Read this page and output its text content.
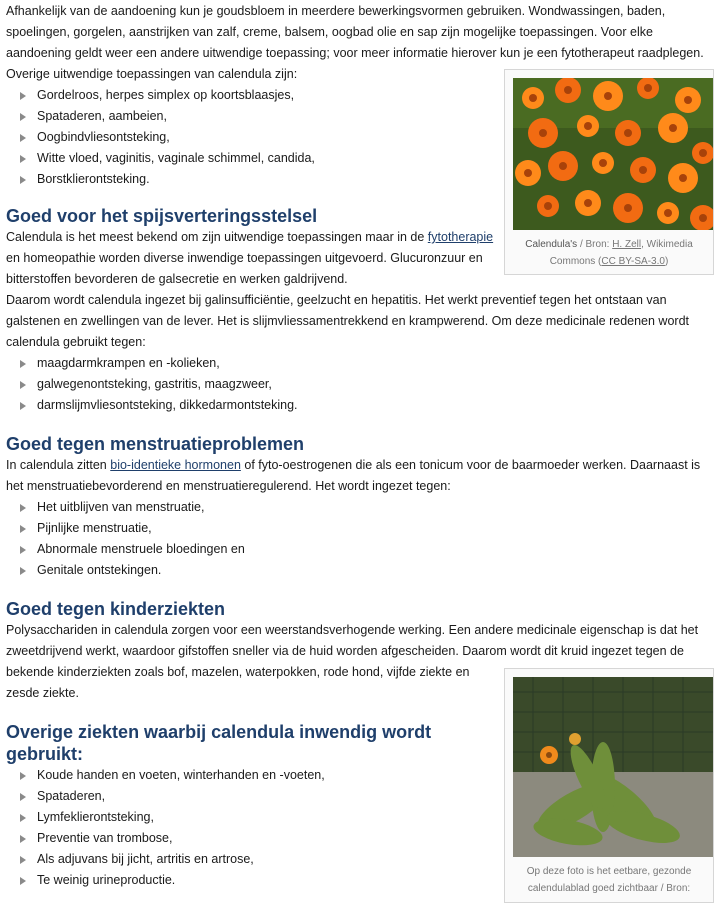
Afhankelijk van de aandoening kun je goudsbloem in meerdere bewerkingsvormen gebruiken. Wondwassingen, baden, spoelingen, gorgelen, aanstrijken van zalf, creme, balsem, oogbad olie en sap zijn mogelijke toepassingen. Voor elke aandoening geldt weer een andere uitwendige toepassing; voor meer informatie hierover kun je een fytotherapeut raadplegen.

Calendula's / Bron: H. Zell, Wikimedia Commons (CC BY-SA-3.0)

Overige uitwendige toepassingen van calendula zijn:

Gordelroos, herpes simplex op koortsblaasjes,
Spataderen, aambeien,
Oogbindvliesontsteking,
Witte vloed, vaginitis, vaginale schimmel, candida,
Borstklierontsteking.
Goed voor het spijsverteringsstelsel

Calendula is het meest bekend om zijn uitwendige toepassingen maar in de fytotherapie en homeopathie worden diverse inwendige toepassingen uitgevoerd. Glucuronzuur en bitterstoffen bevorderen de galsecretie en werken galdrijvend.

Daarom wordt calendula ingezet bij galinsufficiëntie, geelzucht en hepatitis. Het werkt preventief tegen het ontstaan van galstenen en zwellingen van de lever. Het is slijmvliessamentrekkend en krampwerend. Om deze medicinale redenen wordt calendula gebruikt tegen:

maagdarmkrampen en -kolieken,
galwegenontsteking, gastritis, maagzweer,
darmslijmvliesontsteking, dikkedarmontsteking.
Goed tegen menstruatieproblemen

In calendula zitten bio-identieke hormonen of fyto-oestrogenen die als een tonicum voor de baarmoeder werken. Daarnaast is het menstruatiebevorderend en menstruatieregulerend. Het wordt ingezet tegen:

Het uitblijven van menstruatie,
Pijnlijke menstruatie,
Abnormale menstruele bloedingen en
Genitale ontstekingen.
Goed tegen kinderziekten

Polysacchariden in calendula zorgen voor een weerstandsverhogende werking. Een andere medicinale eigenschap is dat het zweetdrijvend werkt, waardoor gifstoffen sneller via de huid worden afgescheiden. Daarom wordt dit kruid ingezet tegen de

Op deze foto is het eetbare, gezonde calendulablad goed zichtbaar / Bron:

bekende kinderziekten zoals bof, mazelen, waterpokken, rode hond, vijfde ziekte en zesde ziekte.

Overige ziekten waarbij calendula inwendig wordt gebruikt:
Koude handen en voeten, winterhanden en -voeten,
Spataderen,
Lymfeklierontsteking,
Preventie van trombose,
Als adjuvans bij jicht, artritis en artrose,
Te weinig urineproductie.
